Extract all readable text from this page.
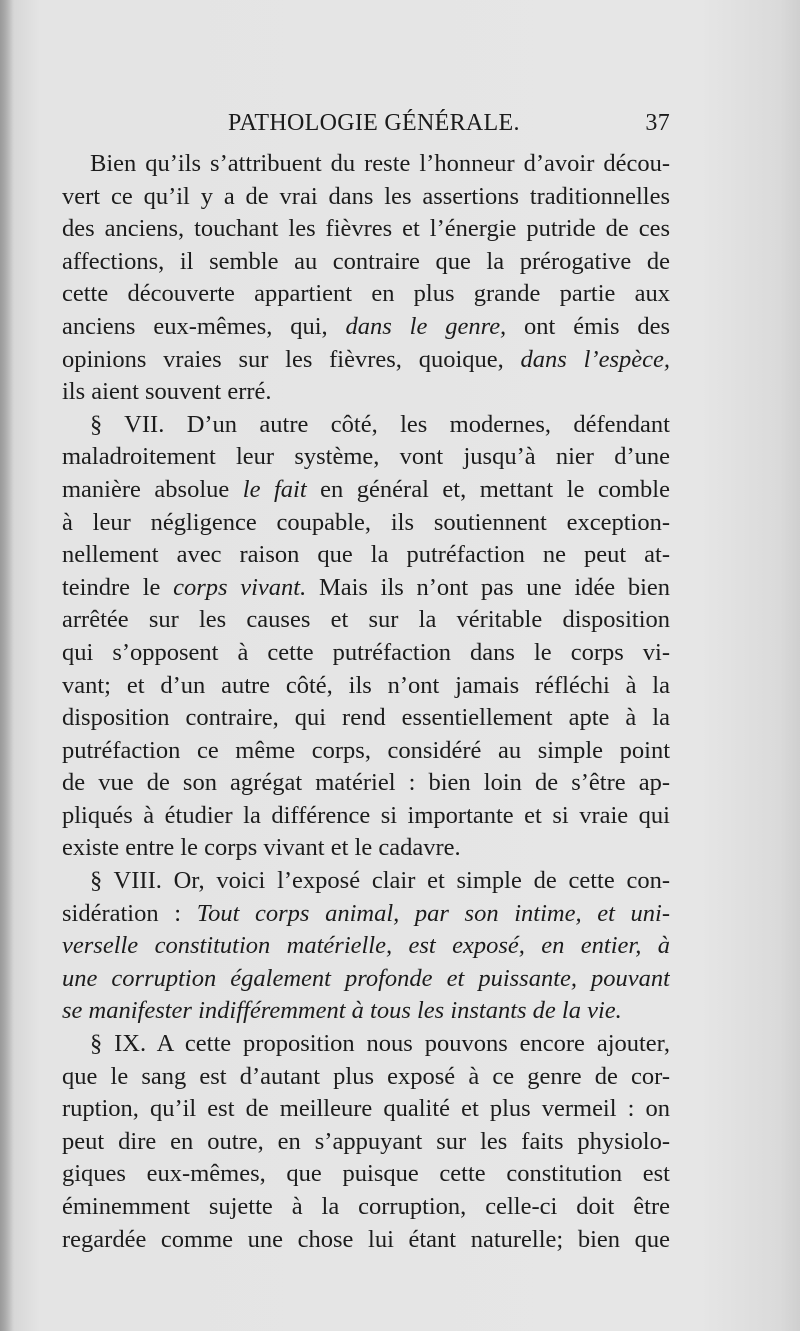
PATHOLOGIE GÉNÉRALE.	37
Bien qu’ils s’attribuent du reste l’honneur d’avoir décou-
vert ce qu’il y a de vrai dans les assertions traditionnelles
des anciens, touchant les fièvres et l’énergie putride de ces
affections, il semble au contraire que la prérogative de
cette découverte appartient en plus grande partie aux
anciens eux-mêmes, qui, dans le genre, ont émis des
opinions vraies sur les fièvres, quoique, dans l’espèce,
ils aient souvent erré.
§ VII. D’un autre côté, les modernes, défendant
maladroitement leur système, vont jusqu’à nier d’une
manière absolue le fait en général et, mettant le comble
à leur négligence coupable, ils soutiennent exception-
nellement avec raison que la putréfaction ne peut at-
teindre le corps vivant. Mais ils n’ont pas une idée bien
arrêtée sur les causes et sur la véritable disposition
qui s’opposent à cette putréfaction dans le corps vi-
vant; et d’un autre côté, ils n’ont jamais réfléchi à la
disposition contraire, qui rend essentiellement apte à la
putréfaction ce même corps, considéré au simple point
de vue de son agrégat matériel : bien loin de s’être ap-
pliqués à étudier la différence si importante et si vraie qui
existe entre le corps vivant et le cadavre.
§ VIII. Or, voici l’exposé clair et simple de cette con-
sidération : Tout corps animal, par son intime, et uni-
verselle constitution matérielle, est exposé, en entier, à
une corruption également profonde et puissante, pouvant
se manifester indifféremment à tous les instants de la vie.
§ IX. A cette proposition nous pouvons encore ajouter,
que le sang est d’autant plus exposé à ce genre de cor-
ruption, qu’il est de meilleure qualité et plus vermeil : on
peut dire en outre, en s’appuyant sur les faits physiolo-
giques eux-mêmes, que puisque cette constitution est
éminemment sujette à la corruption, celle-ci doit être
regardée comme une chose lui étant naturelle; bien que
